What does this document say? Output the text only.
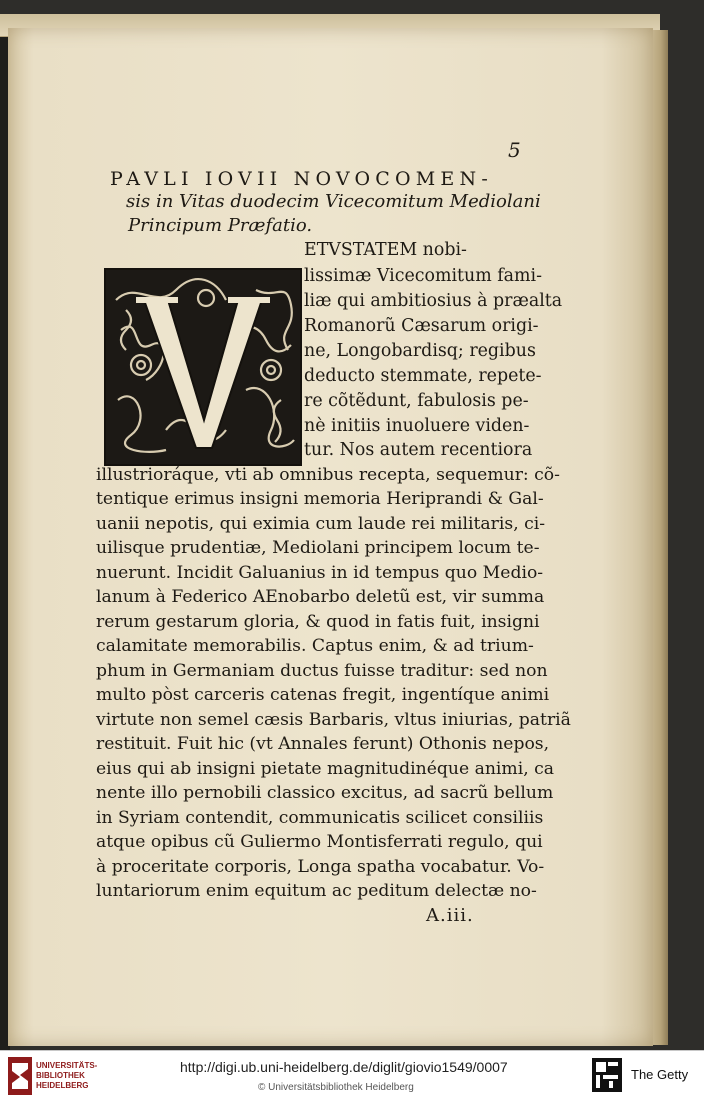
5
PAVLI IOVII NOVOCOMEN-
sis in Vitas duodecim Vicecomitum Mediolani
Principum Præfatio.
ETVSTATEM nobi-
lissimæ Vicecomitum fami-
liæ qui ambitiosius à præalta
Romanorũ Cæsarum origi-
ne, Longobardisq; regibus
deducto stemmate, repete-
re cõtẽdunt, fabulosis pe-
nè initiis inuoluere viden-
tur. Nos autem recentiora
illustrioráque, vti ab omnibus recepta, sequemur: cõ-
tentique erimus insigni memoria Heriprandi & Gal-
uanii nepotis, qui eximia cum laude rei militaris, ci-
uilisque prudentiæ, Mediolani principem locum te-
nuerunt. Incidit Galuanius in id tempus quo Medio-
lanum à Federico AEnobarbo deletũ est, vir summa
rerum gestarum gloria, & quod in fatis fuit, insigni
calamitate memorabilis. Captus enim, & ad trium-
phum in Germaniam ductus fuisse traditur: sed non
multo pòst carceris catenas fregit, ingentíque animi
virtute non semel cæsis Barbaris, vltus iniurias, patriã
restituit. Fuit hic (vt Annales ferunt) Othonis nepos,
eius qui ab insigni pietate magnitudinéque animi, ca
nente illo pernobili classico excitus, ad sacrũ bellum
in Syriam contendit, communicatis scilicet consiliis
atque opibus cũ Guliermo Montisferrati regulo, qui
à proceritate corporis, Longa spatha vocabatur. Vo-
luntariorum enim equitum ac peditum delectæ no-
A.iii.
UNIVERSITÄTS-
BIBLIOTHEK
HEIDELBERG
http://digi.ub.uni-heidelberg.de/diglit/giovio1549/0007
© Universitätsbibliothek Heidelberg
The Getty
